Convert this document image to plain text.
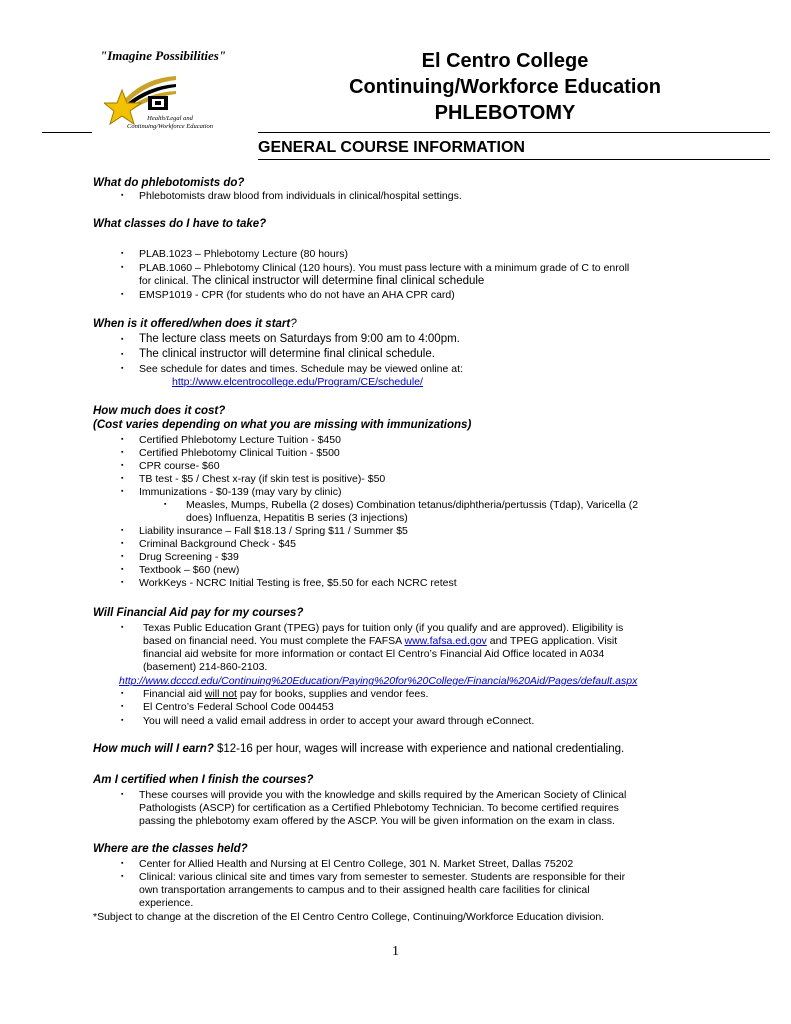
"Imagine Possibilities"
Health/Legal and
Continuing/Workforce Education
El Centro College
Continuing/Workforce Education
PHLEBOTOMY
GENERAL COURSE INFORMATION
What do phlebotomists do?
▪ Phlebotomists draw blood from individuals in clinical/hospital settings.
What classes do I have to take?
▪ PLAB.1023 – Phlebotomy Lecture (80 hours)
▪ PLAB.1060 – Phlebotomy Clinical (120 hours). You must pass lecture with a minimum grade of C to enroll
for clinical. The clinical instructor will determine final clinical schedule
▪ EMSP1019 - CPR (for students who do not have an AHA CPR card)
When is it offered/when does it start?
▪ The lecture class meets on Saturdays from 9:00 am to 4:00pm.
▪ The clinical instructor will determine final clinical schedule.
▪ See schedule for dates and times. Schedule may be viewed online at:
http://www.elcentrocollege.edu/Program/CE/schedule/
How much does it cost?
(Cost varies depending on what you are missing with immunizations)
▪ Certified Phlebotomy Lecture Tuition - $450
▪ Certified Phlebotomy Clinical Tuition - $500
▪ CPR course- $60
▪ TB test - $5 / Chest x-ray (if skin test is positive)- $50
▪ Immunizations - $0-139 (may vary by clinic)
▪ Measles, Mumps, Rubella (2 doses) Combination tetanus/diphtheria/pertussis (Tdap), Varicella (2
does) Influenza, Hepatitis B series (3 injections)
▪ Liability insurance – Fall $18.13 / Spring $11 / Summer $5
▪ Criminal Background Check - $45
▪ Drug Screening - $39
▪ Textbook – $60 (new)
▪ WorkKeys - NCRC Initial Testing is free, $5.50 for each NCRC retest
Will Financial Aid pay for my courses?
▪ Texas Public Education Grant (TPEG) pays for tuition only (if you qualify and are approved). Eligibility is
based on financial need. You must complete the FAFSA www.fafsa.ed.gov and TPEG application. Visit
financial aid website for more information or contact El Centro’s Financial Aid Office located in A034
(basement) 214-860-2103.
http://www.dcccd.edu/Continuing%20Education/Paying%20for%20College/Financial%20Aid/Pages/default.aspx
▪ Financial aid will not pay for books, supplies and vendor fees.
▪ El Centro’s Federal School Code 004453
▪ You will need a valid email address in order to accept your award through eConnect.
How much will I earn? $12-16 per hour, wages will increase with experience and national credentialing.
Am I certified when I finish the courses?
▪ These courses will provide you with the knowledge and skills required by the American Society of Clinical
Pathologists (ASCP) for certification as a Certified Phlebotomy Technician. To become certified requires
passing the phlebotomy exam offered by the ASCP. You will be given information on the exam in class.
Where are the classes held?
▪ Center for Allied Health and Nursing at El Centro College, 301 N. Market Street, Dallas 75202
▪ Clinical: various clinical site and times vary from semester to semester. Students are responsible for their
own transportation arrangements to campus and to their assigned health care facilities for clinical
experience.
*Subject to change at the discretion of the El Centro Centro College, Continuing/Workforce Education division.
1
